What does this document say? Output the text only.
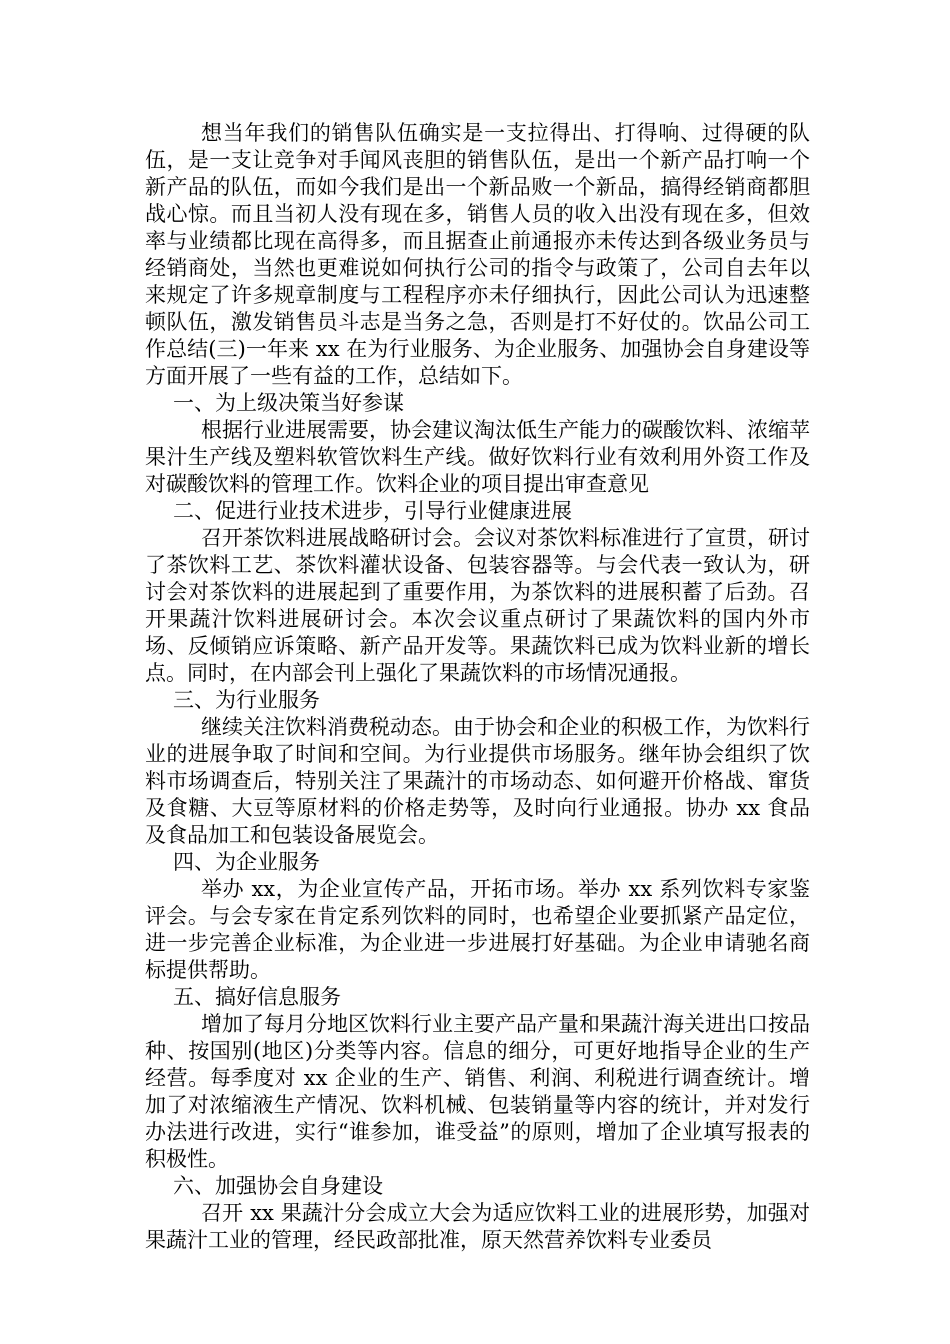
想当年我们的销售队伍确实是一支拉得出、打得响、过得硬的队伍，是一支让竞争对手闻风丧胆的销售队伍，是出一个新产品打响一个新产品的队伍，而如今我们是出一个新品败一个新品，搞得经销商都胆战心惊。而且当初人没有现在多，销售人员的收入出没有现在多，但效率与业绩都比现在高得多，而且据查止前通报亦未传达到各级业务员与经销商处，当然也更难说如何执行公司的指令与政策了，公司自去年以来规定了许多规章制度与工程程序亦未仔细执行，因此公司认为迅速整顿队伍，激发销售员斗志是当务之急，否则是打不好仗的。饮品公司工作总结(三)一年来 xx 在为行业服务、为企业服务、加强协会自身建设等方面开展了一些有益的工作，总结如下。

一、为上级决策当好参谋

根据行业进展需要，协会建议淘汰低生产能力的碳酸饮料、浓缩苹果汁生产线及塑料软管饮料生产线。做好饮料行业有效利用外资工作及对碳酸饮料的管理工作。饮料企业的项目提出审查意见

二、促进行业技术进步，引导行业健康进展

召开茶饮料进展战略研讨会。会议对茶饮料标准进行了宣贯，研讨了茶饮料工艺、茶饮料灌状设备、包装容器等。与会代表一致认为，研讨会对茶饮料的进展起到了重要作用，为茶饮料的进展积蓄了后劲。召开果蔬汁饮料进展研讨会。本次会议重点研讨了果蔬饮料的国内外市场、反倾销应诉策略、新产品开发等。果蔬饮料已成为饮料业新的增长点。同时，在内部会刊上强化了果蔬饮料的市场情况通报。

三、为行业服务

继续关注饮料消费税动态。由于协会和企业的积极工作，为饮料行业的进展争取了时间和空间。为行业提供市场服务。继年协会组织了饮料市场调查后，特别关注了果蔬汁的市场动态、如何避开价格战、窜货及食糖、大豆等原材料的价格走势等，及时向行业通报。协办 xx 食品及食品加工和包装设备展览会。

四、为企业服务

举办 xx，为企业宣传产品，开拓市场。举办 xx 系列饮料专家鉴评会。与会专家在肯定系列饮料的同时，也希望企业要抓紧产品定位，进一步完善企业标准，为企业进一步进展打好基础。为企业申请驰名商标提供帮助。

五、搞好信息服务

增加了每月分地区饮料行业主要产品产量和果蔬汁海关进出口按品种、按国别(地区)分类等内容。信息的细分，可更好地指导企业的生产经营。每季度对 xx 企业的生产、销售、利润、利税进行调查统计。增加了对浓缩液生产情况、饮料机械、包装销量等内容的统计，并对发行办法进行改进，实行“谁参加，谁受益”的原则，增加了企业填写报表的积极性。

六、加强协会自身建设

召开 xx 果蔬汁分会成立大会为适应饮料工业的进展形势，加强对果蔬汁工业的管理，经民政部批准，原天然营养饮料专业委员
